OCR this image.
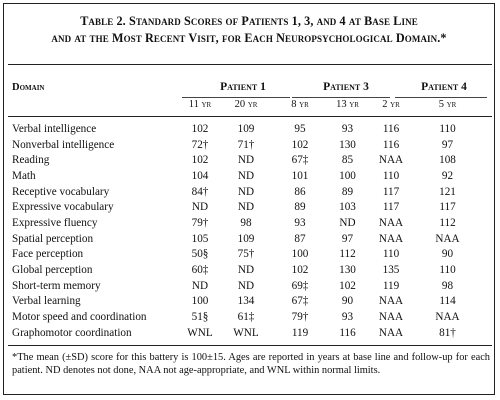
Table 2. Standard Scores of Patients 1, 3, and 4 at Base Line
and at the Most Recent Visit, for Each Neuropsychological Domain.*
Domain	Patient 1	Patient 3	Patient 4
11 yr	20 yr	8 yr	13 yr	2 yr	5 yr
Verbal intelligence	102	109	95	93	116	110
Nonverbal intelligence	72†	71†	102	130	116	97
Reading	102	ND	67‡	85	NAA	108
Math	104	ND	101	100	110	92
Receptive vocabulary	84†	ND	86	89	117	121
Expressive vocabulary	ND	ND	89	103	117	117
Expressive fluency	79†	98	93	ND	NAA	112
Spatial perception	105	109	87	97	NAA	NAA
Face perception	50§	75†	100	112	110	90
Global perception	60‡	ND	102	130	135	110
Short-term memory	ND	ND	69‡	102	119	98
Verbal learning	100	134	67‡	90	NAA	114
Motor speed and coordination	51§	61‡	79†	93	NAA	NAA
Graphomotor coordination	WNL	WNL	119	116	NAA	81†
*The mean (±SD) score for this battery is 100±15. Ages are reported in years at base line and follow-up for each patient. ND denotes not done, NAA not age-appropriate, and WNL within normal limits.
